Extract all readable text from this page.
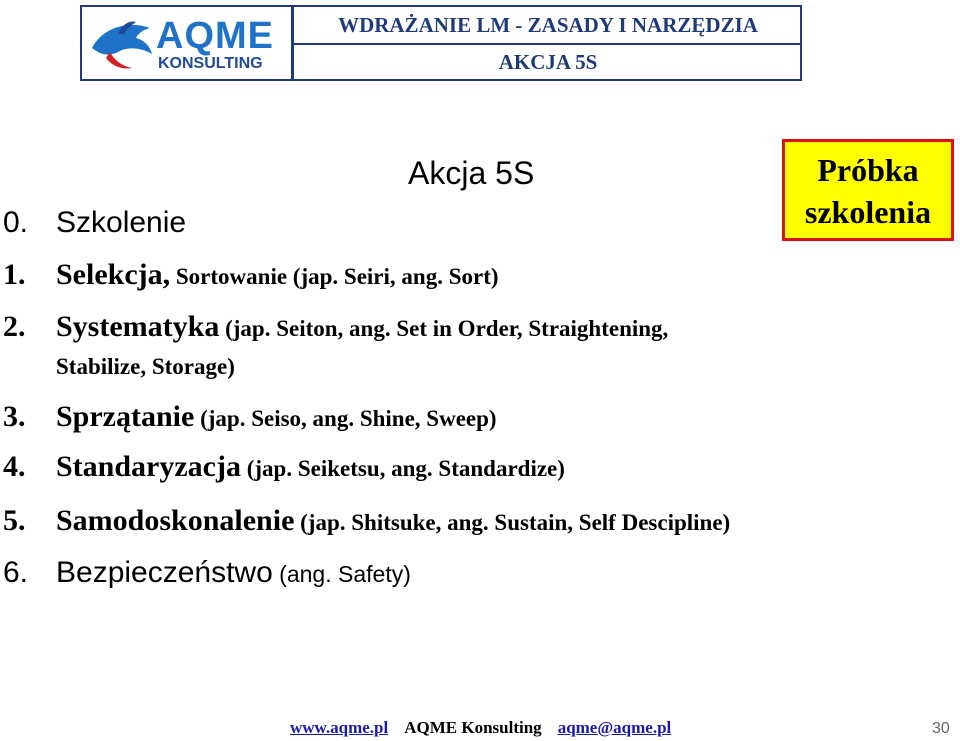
AQME
KONSULTING
WDRAŻANIE LM - ZASADY I NARZĘDZIA
AKCJA 5S
Akcja 5S	Próbka
szkolenia
0. Szkolenie
1. Selekcja, Sortowanie (jap. Seiri, ang. Sort)
2. Systematyka (jap. Seiton, ang. Set in Order, Straightening,
Stabilize, Storage)
3. Sprzątanie (jap. Seiso, ang. Shine, Sweep)
4. Standaryzacja (jap. Seiketsu, ang. Standardize)
5. Samodoskonalenie (jap. Shitsuke, ang. Sustain, Self Descipline)
6. Bezpieczeństwo (ang. Safety)
www.aqme.pl AQME Konsulting aqme@aqme.pl	30
